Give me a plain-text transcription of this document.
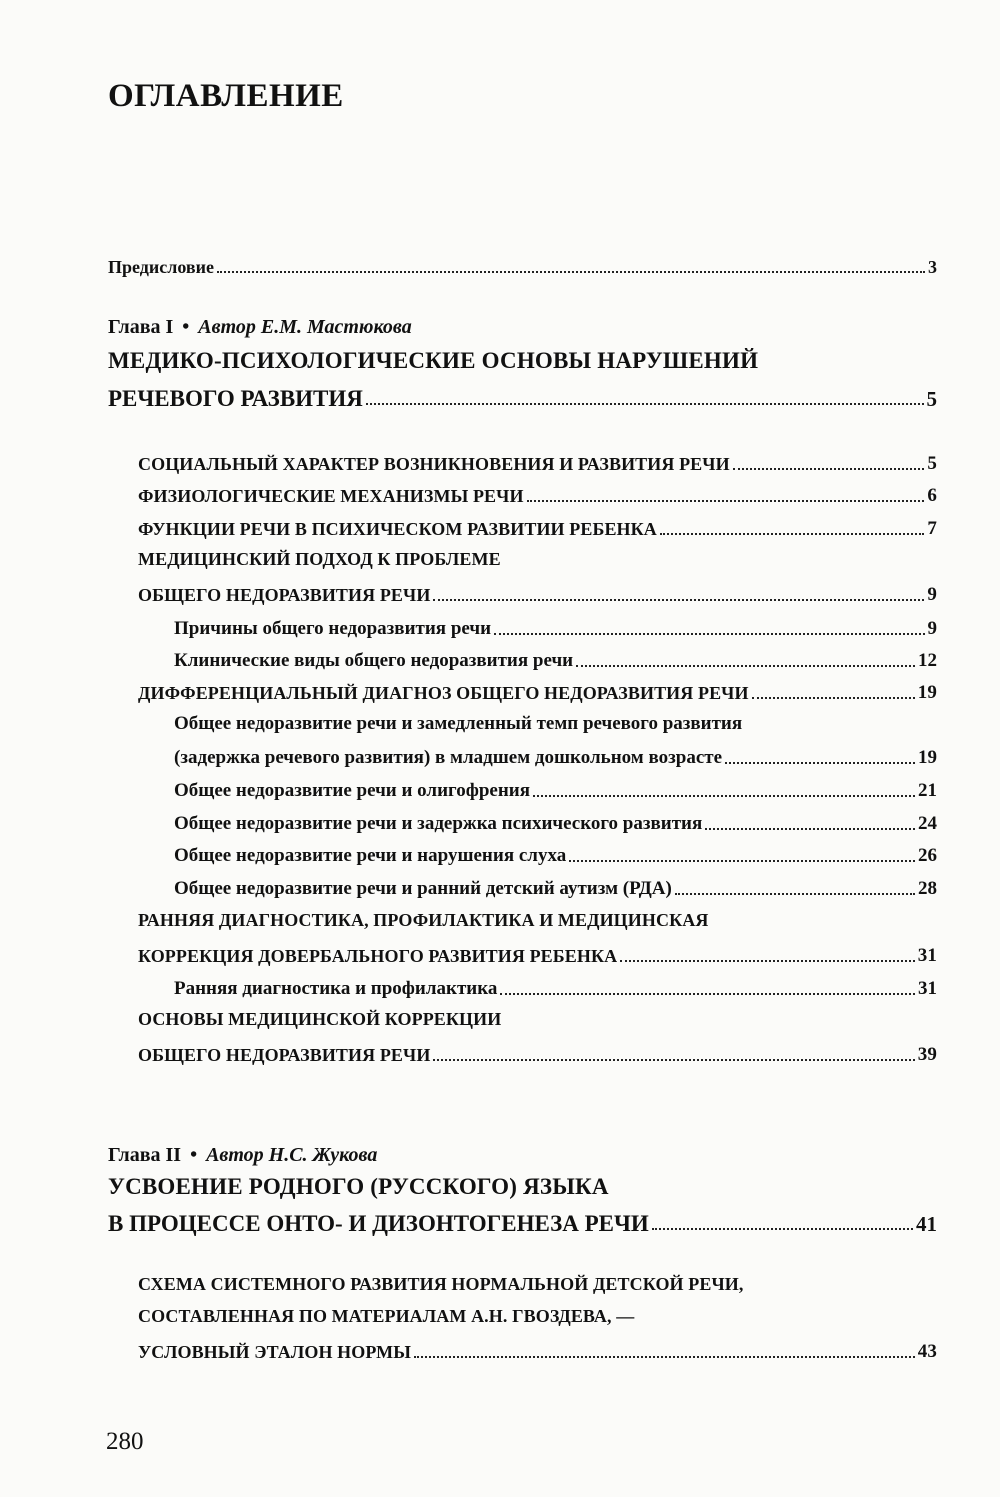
ОГЛАВЛЕНИЕ
Предисловие	3
Глава I • Автор Е.М. Мастюкова
МЕДИКО-ПСИХОЛОГИЧЕСКИЕ ОСНОВЫ НАРУШЕНИЙ
РЕЧЕВОГО РАЗВИТИЯ	5
СОЦИАЛЬНЫЙ ХАРАКТЕР ВОЗНИКНОВЕНИЯ И РАЗВИТИЯ РЕЧИ	5
ФИЗИОЛОГИЧЕСКИЕ МЕХАНИЗМЫ РЕЧИ	6
ФУНКЦИИ РЕЧИ В ПСИХИЧЕСКОМ РАЗВИТИИ РЕБЕНКА	7
МЕДИЦИНСКИЙ ПОДХОД К ПРОБЛЕМЕ
ОБЩЕГО НЕДОРАЗВИТИЯ РЕЧИ	9
Причины общего недоразвития речи	9
Клинические виды общего недоразвития речи	12
ДИФФЕРЕНЦИАЛЬНЫЙ ДИАГНОЗ ОБЩЕГО НЕДОРАЗВИТИЯ РЕЧИ	19
Общее недоразвитие речи и замедленный темп речевого развития
(задержка речевого развития) в младшем дошкольном возрасте	19
Общее недоразвитие речи и олигофрения	21
Общее недоразвитие речи и задержка психического развития	24
Общее недоразвитие речи и нарушения слуха	26
Общее недоразвитие речи и ранний детский аутизм (РДА)	28
РАННЯЯ ДИАГНОСТИКА, ПРОФИЛАКТИКА И МЕДИЦИНСКАЯ
КОРРЕКЦИЯ ДОВЕРБАЛЬНОГО РАЗВИТИЯ РЕБЕНКА	31
Ранняя диагностика и профилактика	31
ОСНОВЫ МЕДИЦИНСКОЙ КОРРЕКЦИИ
ОБЩЕГО НЕДОРАЗВИТИЯ РЕЧИ	39
Глава II • Автор Н.С. Жукова
УСВОЕНИЕ РОДНОГО (РУССКОГО) ЯЗЫКА
В ПРОЦЕССЕ ОНТО- И ДИЗОНТОГЕНЕЗА РЕЧИ	41
СХЕМА СИСТЕМНОГО РАЗВИТИЯ НОРМАЛЬНОЙ ДЕТСКОЙ РЕЧИ,
СОСТАВЛЕННАЯ ПО МАТЕРИАЛАМ А.Н. ГВОЗДЕВА, —
УСЛОВНЫЙ ЭТАЛОН НОРМЫ	43
280
